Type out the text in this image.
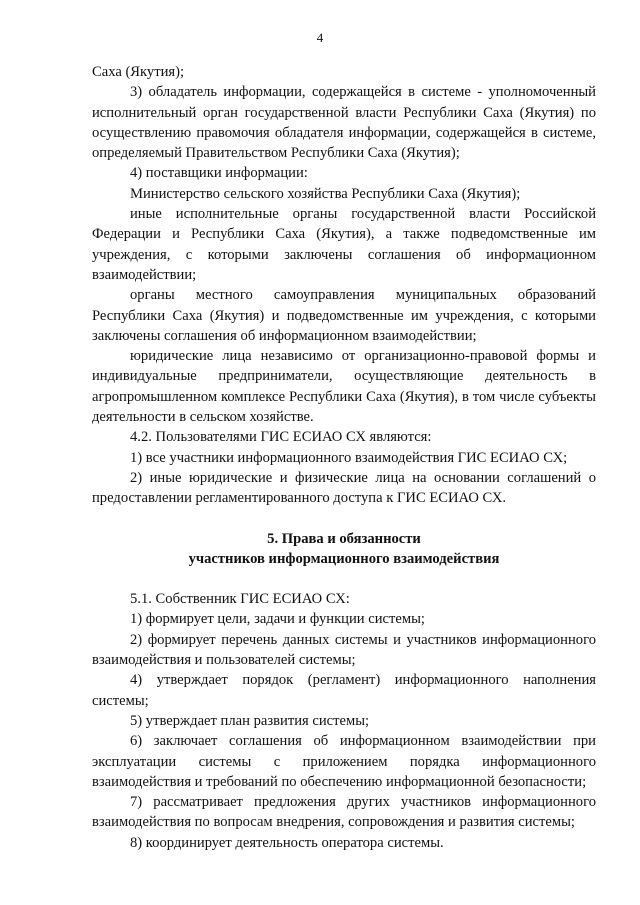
4

Саха (Якутия);

3) обладатель информации, содержащейся в системе - уполномоченный исполнительный орган государственной власти Республики Саха (Якутия) по осуществлению правомочия обладателя информации, содержащейся в системе, определяемый Правительством Республики Саха (Якутия);

4) поставщики информации:

Министерство сельского хозяйства Республики Саха (Якутия);

иные исполнительные органы государственной власти Российской Федерации и Республики Саха (Якутия), а также подведомственные им учреждения, с которыми заключены соглашения об информационном взаимодействии;

органы местного самоуправления муниципальных образований Республики Саха (Якутия) и подведомственные им учреждения, с которыми заключены соглашения об информационном взаимодействии;

юридические лица независимо от организационно-правовой формы и индивидуальные предприниматели, осуществляющие деятельность в агропромышленном комплексе Республики Саха (Якутия), в том числе субъекты деятельности в сельском хозяйстве.

4.2. Пользователями ГИС ЕСИАО СХ являются:

1) все участники информационного взаимодействия ГИС ЕСИАО СХ;

2) иные юридические и физические лица на основании соглашений о предоставлении регламентированного доступа к ГИС ЕСИАО СХ.

5. Права и обязанности

участников информационного взаимодействия

5.1. Собственник ГИС ЕСИАО СХ:

1) формирует цели, задачи и функции системы;

2) формирует перечень данных системы и участников информационного взаимодействия и пользователей системы;

4) утверждает порядок (регламент) информационного наполнения системы;

5) утверждает план развития системы;

6) заключает соглашения об информационном взаимодействии при эксплуатации системы с приложением порядка информационного взаимодействия и требований по обеспечению информационной безопасности;

7) рассматривает предложения других участников информационного взаимодействия по вопросам внедрения, сопровождения и развития системы;

8) координирует деятельность оператора системы.
